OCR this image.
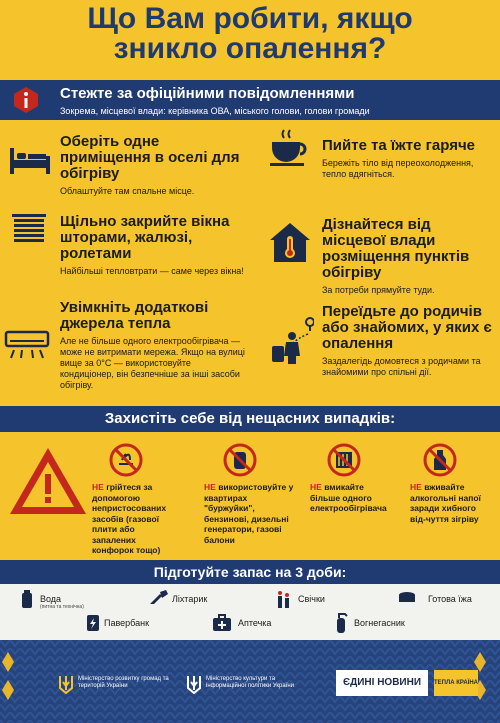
Що Вам робити, якщо
зникло опалення?
Стежте за офіційними повідомленнями
Зокрема, місцевої влади: керівника ОВА, міського голови, голови громади
Оберіть одне приміщення в оселі для обігріву
Облаштуйте там спальне місце.
Пийте та їжте гаряче
Бережіть тіло від переохолодження, тепло вдягніться.
Щільно закрийте вікна шторами, жалюзі, ролетами
Найбільші тепловтрати — саме через вікна!
Дізнайтеся від місцевої влади розміщення пунктів обігріву
За потреби прямуйте туди.
Увімкніть додаткові джерела тепла
Але не більше одного електрообігрівача — може не витримати мережа. Якщо на вулиці вище за 0°С — використовуйте кондиціонер, він безпечніше за інші засоби обігріву.
Переїдьте до родичів або знайомих, у яких є опалення
Заздалегідь домовтеся з родичами та знайомими про спільні дії.
Захистіть себе від нещасних випадків:
НЕ грійтеся за допомогою непристосованих засобів (газової плити або запалених конфорок тощо)
НЕ використовуйте у квартирах "буржуйки", бензинові, дизельні генератори, газові балони
НЕ вмикайте більше одного електрообігрівача
НЕ вживайте алкогольні напої заради хибного від-чуття зігріву
Підготуйте запас на 3 доби:
Вода
(питна та технічна)
Ліхтарик	Свічки	Готова їжа
Павербанк	Аптечка	Вогнегасник
Міністерство розвитку громад та територій України
Міністерство культури та інформаційної політики України	ЄДИНІ НОВИНИ	ТЕПЛА КРАЇНА
